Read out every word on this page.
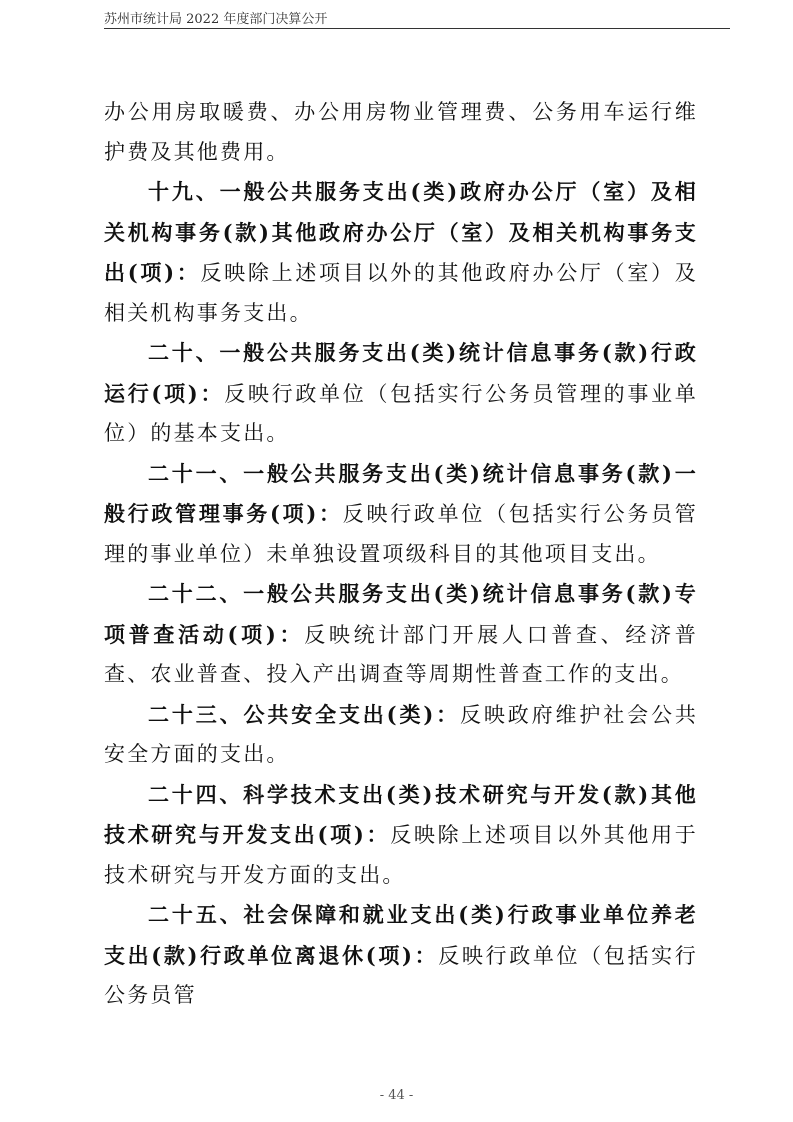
苏州市统计局 2022 年度部门决算公开

办公用房取暖费、办公用房物业管理费、公务用车运行维护费及其他费用。

十九、一般公共服务支出(类)政府办公厅（室）及相关机构事务(款)其他政府办公厅（室）及相关机构事务支出(项)：反映除上述项目以外的其他政府办公厅（室）及相关机构事务支出。

二十、一般公共服务支出(类)统计信息事务(款)行政运行(项)：反映行政单位（包括实行公务员管理的事业单位）的基本支出。

二十一、一般公共服务支出(类)统计信息事务(款)一般行政管理事务(项)：反映行政单位（包括实行公务员管理的事业单位）未单独设置项级科目的其他项目支出。

二十二、一般公共服务支出(类)统计信息事务(款)专项普查活动(项)：反映统计部门开展人口普查、经济普查、农业普查、投入产出调查等周期性普查工作的支出。

二十三、公共安全支出(类)：反映政府维护社会公共安全方面的支出。

二十四、科学技术支出(类)技术研究与开发(款)其他技术研究与开发支出(项)：反映除上述项目以外其他用于技术研究与开发方面的支出。

二十五、社会保障和就业支出(类)行政事业单位养老支出(款)行政单位离退休(项)：反映行政单位（包括实行公务员管

- 44 -
